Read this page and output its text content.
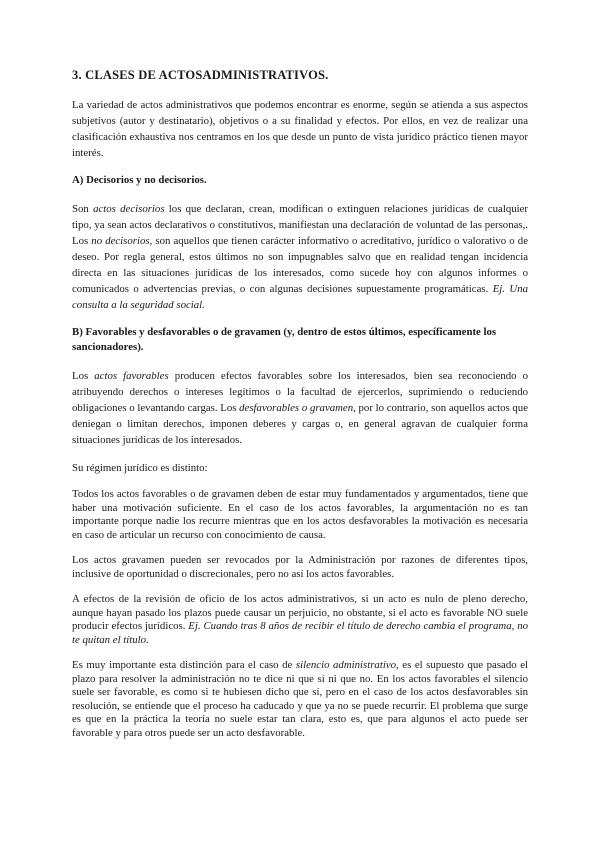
3. CLASES DE ACTOSADMINISTRATIVOS.

La variedad de actos administrativos que podemos encontrar es enorme, según se atienda a sus aspectos subjetivos (autor y destinatario), objetivos o a su finalidad y efectos. Por ellos, en vez de realizar una clasificación exhaustiva nos centramos en los que desde un punto de vista jurídico práctico tienen mayor interés.

A) Decisorios y no decisorios.

Son actos decisorios los que declaran, crean, modifican o extinguen relaciones jurídicas de cualquier tipo, ya sean actos declarativos o constitutivos, manifiestan una declaración de voluntad de las personas,. Los no decisorios, son aquellos que tienen carácter informativo o acreditativo, jurídico o valorativo o de deseo. Por regla general, estos últimos no son impugnables salvo que en realidad tengan incidencia directa en las situaciones jurídicas de los interesados, como sucede hoy con algunos informes o comunicados o advertencias previas, o con algunas decisiones supuestamente programáticas. Ej. Una consulta a la seguridad social.

B) Favorables y desfavorables o de gravamen (y, dentro de estos últimos, específicamente los sancionadores).

Los actos favorables producen efectos favorables sobre los interesados, bien sea reconociendo o atribuyendo derechos o intereses legítimos o la facultad de ejercerlos, suprimiendo o reduciendo obligaciones o levantando cargas. Los desfavorables o gravamen, por lo contrario, son aquellos actos que deniegan o limitan derechos, imponen deberes y cargas o, en general agravan de cualquier forma situaciones jurídicas de los interesados.

Su régimen jurídico es distinto:

Todos los actos favorables o de gravamen deben de estar muy fundamentados y argumentados, tiene que haber una motivación suficiente. En el caso de los actos favorables, la argumentación no es tan importante porque nadie los recurre mientras que en los actos desfavorables la motivación es necesaria en caso de articular un recurso con conocimiento de causa.

Los actos gravamen pueden ser revocados por la Administración por razones de diferentes tipos, inclusive de oportunidad o discrecionales, pero no así los actos favorables.

A efectos de la revisión de oficio de los actos administrativos, si un acto es nulo de pleno derecho, aunque hayan pasado los plazos puede causar un perjuicio, no obstante, si el acto es favorable NO suele producir efectos jurídicos. Ej. Cuando tras 8 años de recibir el título de derecho cambia el programa, no te quitan el título.

Es muy importante esta distinción para el caso de silencio administrativo, es el supuesto que pasado el plazo para resolver la administración no te dice ni que sí ni que no. En los actos favorables el silencio suele ser favorable, es como si te hubiesen dicho que sí, pero en el caso de los actos desfavorables sin resolución, se entiende que el proceso ha caducado y que ya no se puede recurrir. El problema que surge es que en la práctica la teoría no suele estar tan clara, esto es, que para algunos el acto puede ser favorable y para otros puede ser un acto desfavorable.
